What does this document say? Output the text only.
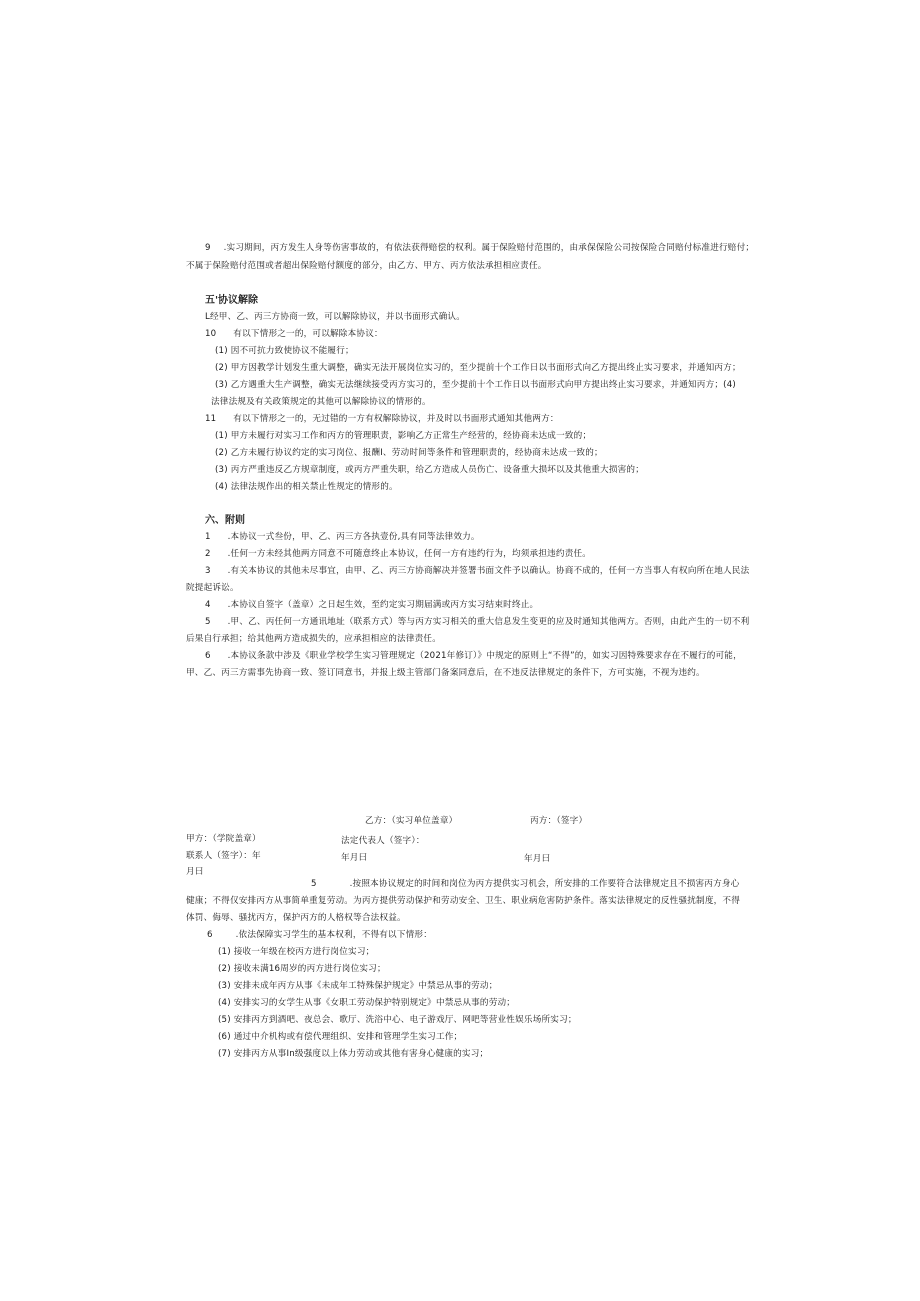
9 .实习期间，丙方发生人身等伤害事故的，有依法获得赔偿的权利。属于保险赔付范围的，由承保保险公司按保险合同赔付标准进行赔付；
不属于保险赔付范围或者超出保险赔付额度的部分，由乙方、甲方、丙方依法承担相应责任。
五'协议解除
L经甲、乙、丙三方协商一致，可以解除协议，并以书面形式确认。
10 有以下情形之一的，可以解除本协议：
(1) 因不可抗力致使协议不能履行；
(2) 甲方因教学计划发生重大调整，确实无法开展岗位实习的，至少提前十个工作日以书面形式向乙方提出终止实习要求，并通知丙方；
(3) 乙方遇重大生产调整，确实无法继续接受丙方实习的，至少提前十个工作日以书面形式向甲方提出终止实习要求，并通知丙方；(4)
法律法规及有关政策规定的其他可以解除协议的情形的。
11 有以下情形之一的，无过错的一方有权解除协议，并及时以书面形式通知其他两方：
(1) 甲方未履行对实习工作和丙方的管理职责，影响乙方正常生产经营的，经协商未达成一致的；
(2) 乙方未履行协议约定的实习岗位、报酬I、劳动时间等条件和管理职责的，经协商未达成一致的；
(3) 丙方严重违反乙方规章制度，或丙方严重失职，给乙方造成人员伤亡、设备重大损坏以及其他重大损害的；
(4) 法律法规作出的相关禁止性规定的情形的。
六、附则
1 .本协议一式叁份，甲、乙、丙三方各执壹份,具有同等法律效力。
2 .任何一方未经其他两方同意不可随意终止本协议，任何一方有违约行为，均须承担违约责任。
3 .有关本协议的其他未尽事宜，由甲、乙、丙三方协商解决并签署书面文件予以确认。协商不成的，任何一方当事人有权向所在地人民法
院提起诉讼。
4 .本协议自签字（盖章）之日起生效，至约定实习期届满或丙方实习结束时终止。
5 .甲、乙、丙任何一方通讯地址（联系方式）等与丙方实习相关的重大信息发生变更的应及时通知其他两方。否则，由此产生的一切不利
后果自行承担；给其他两方造成损失的，应承担相应的法律责任。
6 .本协议条款中涉及《职业学校学生实习管理规定（2021年修订）》中规定的原则上“不得”的，如实习因特殊要求存在不履行的可能，
甲、乙、丙三方需事先协商一致、签订同意书，并报上级主管部门备案同意后，在不违反法律规定的条件下，方可实施，不视为违约。
乙方：（实习单位盖章）	丙方：（签字）
甲方：（学院盖章）	法定代表人（签字）：
联系人（签字）：年	年月曰	年月曰
月曰
5	.按照本协议规定的时间和岗位为丙方提供实习机会，所安排的工作要符合法律规定且不损害丙方身心
健康；不得仅安排丙方从事简单重复劳动。为丙方提供劳动保护和劳动安全、卫生、职业病危害防护条件。落实法律规定的反性骚扰制度，不得
体罚、侮辱、骚扰丙方，保护丙方的人格权等合法权益。
6	.依法保障实习学生的基本权利，不得有以下情形：
(1) 接收一年级在校丙方进行岗位实习；
(2) 接收未满16周岁的丙方进行岗位实习；
(3) 安排未成年丙方从事《未成年工特殊保护规定》中禁忌从事的劳动；
(4) 安排实习的女学生从事《女职工劳动保护特别规定》中禁忌从事的劳动；
(5) 安排丙方到酒吧、夜总会、歌厅、洗浴中心、电子游戏厅、网吧等营业性娱乐场所实习；
(6) 通过中介机构或有偿代理组织、安排和管理学生实习工作；
(7) 安排丙方从事In级强度以上体力劳动或其他有害身心健康的实习；
